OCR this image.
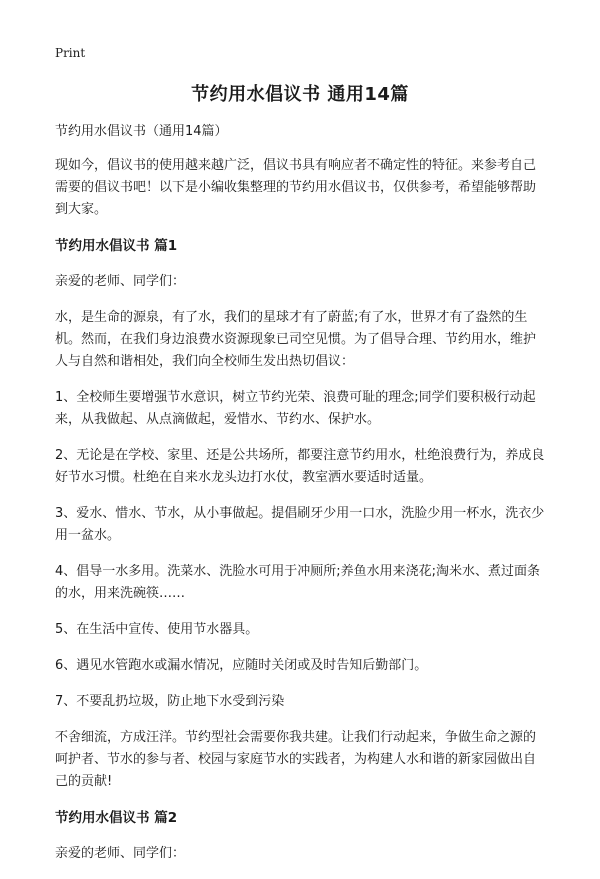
Print
节约用水倡议书 通用14篇

节约用水倡议书（通用14篇）

现如今，倡议书的使用越来越广泛，倡议书具有响应者不确定性的特征。来参考自己需要的倡议书吧！以下是小编收集整理的节约用水倡议书，仅供参考，希望能够帮助到大家。

节约用水倡议书 篇1

亲爱的老师、同学们：

水，是生命的源泉，有了水，我们的星球才有了蔚蓝;有了水，世界才有了盎然的生机。然而，在我们身边浪费水资源现象已司空见惯。为了倡导合理、节约用水，维护人与自然和谐相处，我们向全校师生发出热切倡议：

1、全校师生要增强节水意识，树立节约光荣、浪费可耻的理念;同学们要积极行动起来，从我做起、从点滴做起，爱惜水、节约水、保护水。

2、无论是在学校、家里、还是公共场所，都要注意节约用水，杜绝浪费行为，养成良好节水习惯。杜绝在自来水龙头边打水仗，教室洒水要适时适量。

3、爱水、惜水、节水，从小事做起。提倡刷牙少用一口水，洗脸少用一杯水，洗衣少用一盆水。

4、倡导一水多用。洗菜水、洗脸水可用于冲厕所;养鱼水用来浇花;淘米水、煮过面条的水，用来洗碗筷……

5、在生活中宣传、使用节水器具。

6、遇见水管跑水或漏水情况，应随时关闭或及时告知后勤部门。

7、不要乱扔垃圾，防止地下水受到污染

不舍细流，方成汪洋。节约型社会需要你我共建。让我们行动起来，争做生命之源的呵护者、节水的参与者、校园与家庭节水的实践者，为构建人水和谐的新家园做出自己的贡献!

节约用水倡议书 篇2

亲爱的老师、同学们：
